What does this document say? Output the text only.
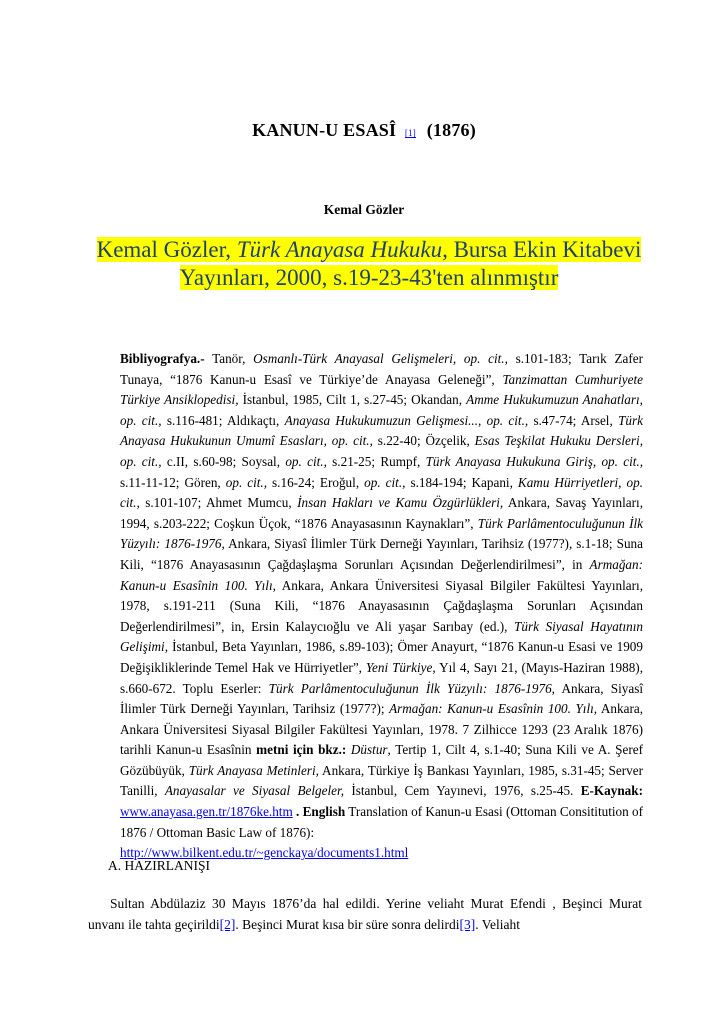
KANUN-U ESASÎ [1] (1876)
Kemal Gözler
Kemal Gözler, Türk Anayasa Hukuku, Bursa Ekin Kitabevi Yayınları, 2000, s.19-23-43'ten alınmıştır

Bibliyografya.- Tanör, Osmanlı-Türk Anayasal Gelişmeleri, op. cit., s.101-183; Tarık Zafer Tunaya, “1876 Kanun-u Esasî ve Türkiye’de Anayasa Geleneği”, Tanzimattan Cumhuriyete Türkiye Ansiklopedisi, İstanbul, 1985, Cilt 1, s.27-45; Okandan, Amme Hukukumuzun Anahatları, op. cit., s.116-481; Aldıkaçtı, Anayasa Hukukumuzun Gelişmesi..., op. cit., s.47-74; Arsel, Türk Anayasa Hukukunun Umumî Esasları, op. cit., s.22-40; Özçelik, Esas Teşkilat Hukuku Dersleri, op. cit., c.II, s.60-98; Soysal, op. cit., s.21-25; Rumpf, Türk Anayasa Hukukuna Giriş, op. cit., s.11-11-12; Gören, op. cit., s.16-24; Eroğul, op. cit., s.184-194; Kapani, Kamu Hürriyetleri, op. cit., s.101-107; Ahmet Mumcu, İnsan Hakları ve Kamu Özgürlükleri, Ankara, Savaş Yayınları, 1994, s.203-222; Coşkun Üçok, “1876 Anayasasının Kaynakları”, Türk Parlâmentoculuğunun İlk Yüzyılı: 1876-1976, Ankara, Siyasî İlimler Türk Derneği Yayınları, Tarihsiz (1977?), s.1-18; Suna Kili, “1876 Anayasasının Çağdaşlaşma Sorunları Açısından Değerlendirilmesi”, in Armağan: Kanun-u Esasînin 100. Yılı, Ankara, Ankara Üniversitesi Siyasal Bilgiler Fakültesi Yayınları, 1978, s.191-211 (Suna Kili, “1876 Anayasasının Çağdaşlaşma Sorunları Açısından Değerlendirilmesi”, in, Ersin Kalaycıoğlu ve Ali yaşar Sarıbay (ed.), Türk Siyasal Hayatının Gelişimi, İstanbul, Beta Yayınları, 1986, s.89-103); Ömer Anayurt, “1876 Kanun-u Esasi ve 1909 Değişikliklerinde Temel Hak ve Hürriyetler”, Yeni Türkiye, Yıl 4, Sayı 21, (Mayıs-Haziran 1988), s.660-672. Toplu Eserler: Türk Parlâmentoculuğunun İlk Yüzyılı: 1876-1976, Ankara, Siyasî İlimler Türk Derneği Yayınları, Tarihsiz (1977?); Armağan: Kanun-u Esasînin 100. Yılı, Ankara, Ankara Üniversitesi Siyasal Bilgiler Fakültesi Yayınları, 1978. 7 Zilhicce 1293 (23 Aralık 1876) tarihli Kanun-u Esasînin metni için bkz.: Düstur, Tertip 1, Cilt 4, s.1-40; Suna Kili ve A. Şeref Gözübüyük, Türk Anayasa Metinleri, Ankara, Türkiye İş Bankası Yayınları, 1985, s.31-45; Server Tanilli, Anayasalar ve Siyasal Belgeler, İstanbul, Cem Yayınevi, 1976, s.25-45. E-Kaynak: www.anayasa.gen.tr/1876ke.htm . English Translation of Kanun-u Esasi (Ottoman Consititution of 1876 / Ottoman Basic Law of 1876):
http://www.bilkent.edu.tr/~genckaya/documents1.html

A. HAZIRLANIŞI

Sultan Abdülaziz 30 Mayıs 1876’da hal edildi. Yerine veliaht Murat Efendi , Beşinci Murat unvanı ile tahta geçirildi[2]. Beşinci Murat kısa bir süre sonra delirdi[3]. Veliaht
